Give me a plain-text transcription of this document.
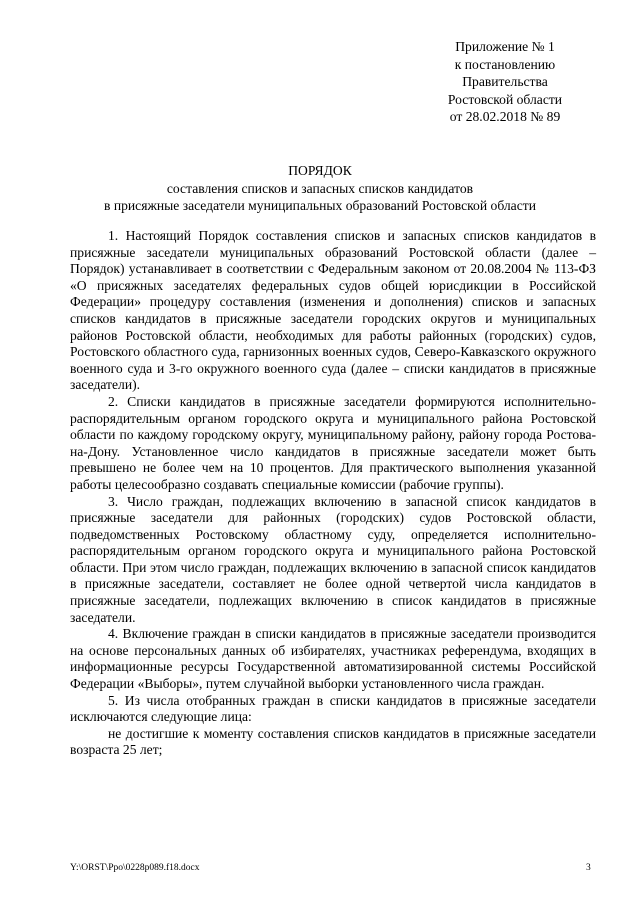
Приложение № 1
к постановлению
Правительства
Ростовской области
от 28.02.2018 № 89
ПОРЯДОК
составления списков и запасных списков кандидатов
в присяжные заседатели муниципальных образований Ростовской области

1. Настоящий Порядок составления списков и запасных списков кандидатов в присяжные заседатели муниципальных образований Ростовской области (далее – Порядок) устанавливает в соответствии с Федеральным законом от 20.08.2004 № 113-ФЗ «О присяжных заседателях федеральных судов общей юрисдикции в Российской Федерации» процедуру составления (изменения и дополнения) списков и запасных списков кандидатов в присяжные заседатели городских округов и муниципальных районов Ростовской области, необходимых для работы районных (городских) судов, Ростовского областного суда, гарнизонных военных судов, Северо-Кавказского окружного военного суда и 3-го окружного военного суда (далее – списки кандидатов в присяжные заседатели).

2. Списки кандидатов в присяжные заседатели формируются исполнительно-распорядительным органом городского округа и муниципального района Ростовской области по каждому городскому округу, муниципальному району, району города Ростова-на-Дону. Установленное число кандидатов в присяжные заседатели может быть превышено не более чем на 10 процентов. Для практического выполнения указанной работы целесообразно создавать специальные комиссии (рабочие группы).

3. Число граждан, подлежащих включению в запасной список кандидатов в присяжные заседатели для районных (городских) судов Ростовской области, подведомственных Ростовскому областному суду, определяется исполнительно-распорядительным органом городского округа и муниципального района Ростовской области. При этом число граждан, подлежащих включению в запасной список кандидатов в присяжные заседатели, составляет не более одной четвертой числа кандидатов в присяжные заседатели, подлежащих включению в список кандидатов в присяжные заседатели.

4. Включение граждан в списки кандидатов в присяжные заседатели производится на основе персональных данных об избирателях, участниках референдума, входящих в информационные ресурсы Государственной автоматизированной системы Российской Федерации «Выборы», путем случайной выборки установленного числа граждан.

5. Из числа отобранных граждан в списки кандидатов в присяжные заседатели исключаются следующие лица:

не достигшие к моменту составления списков кандидатов в присяжные заседатели возраста 25 лет;

Y:\ORST\Ppo\0228p089.f18.docx	3
